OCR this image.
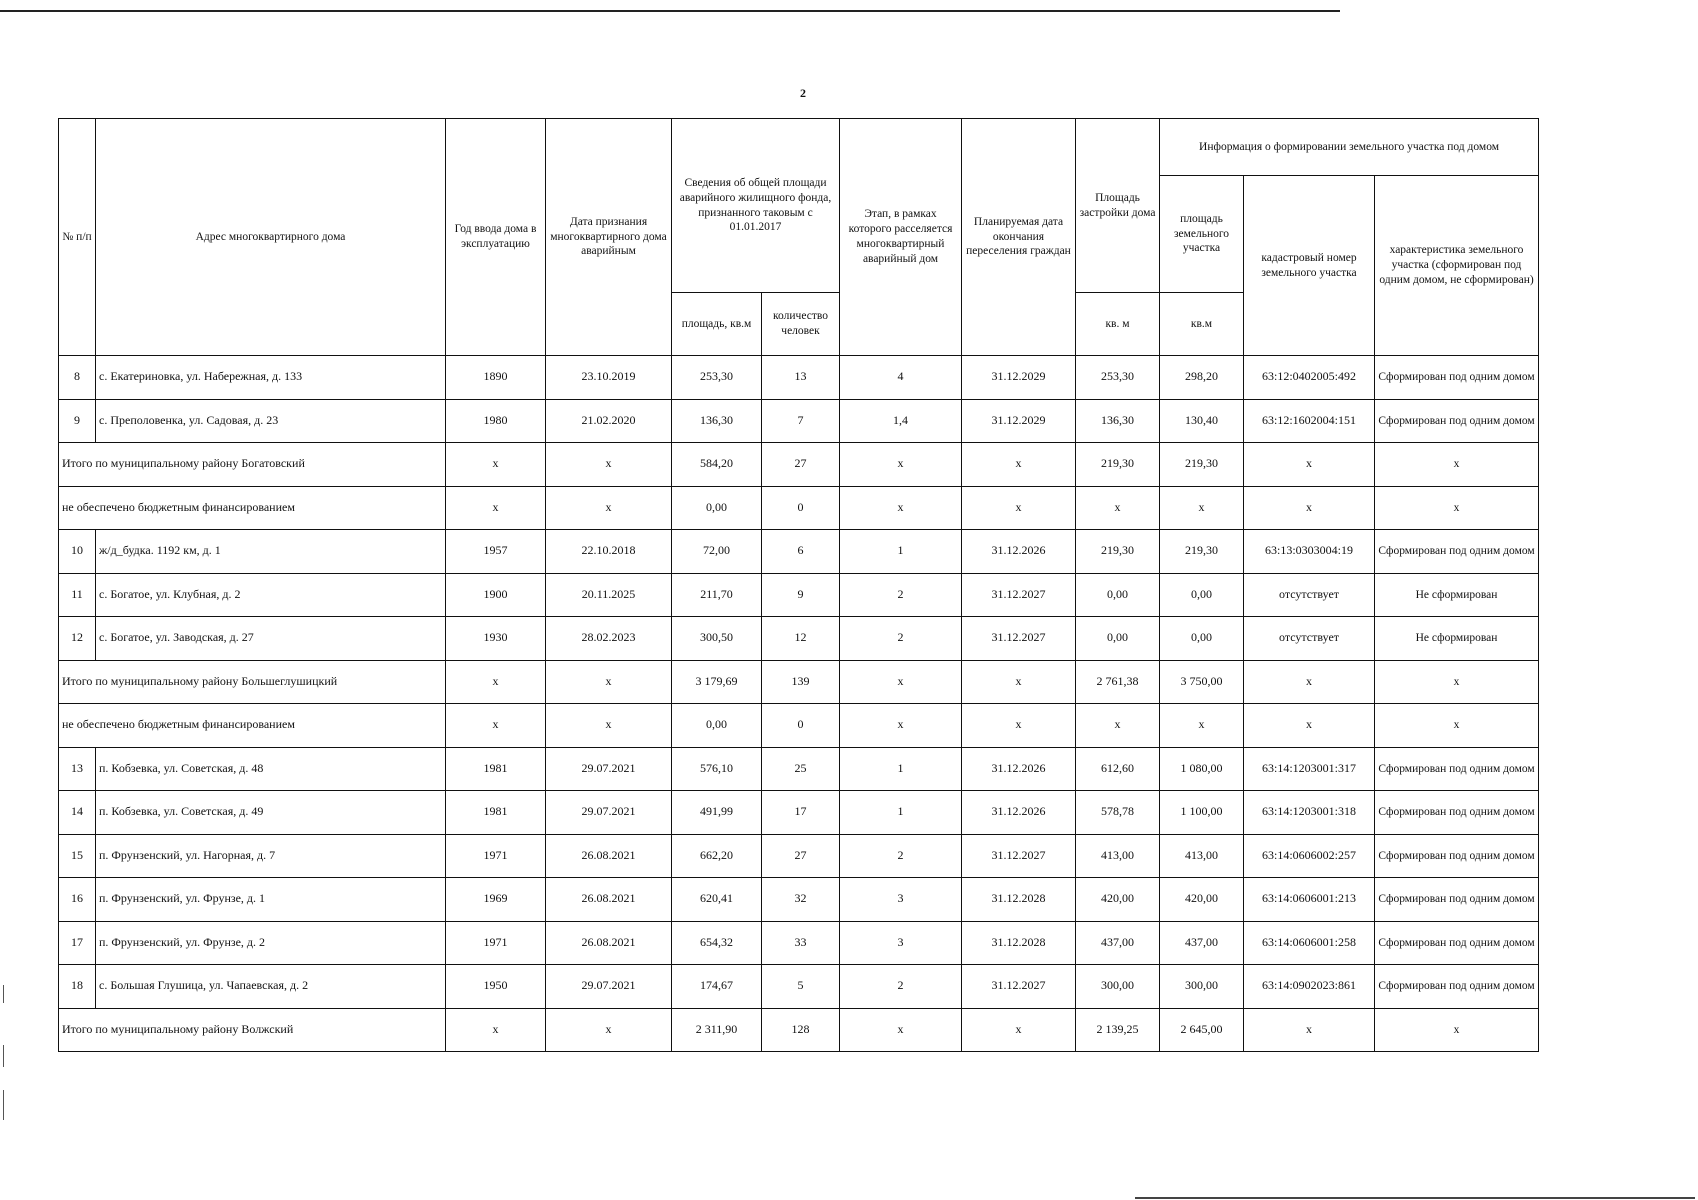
2
№ п/п	Адрес многоквартирного дома	Год ввода дома в эксплуатацию	Дата признания многоквартирного дома аварийным	Сведения об общей площади аварийного жилищного фонда, признанного таковым с 01.01.2017		Этап, в рамках которого расселяется многоквартирный аварийный дом	Планируемая дата окончания переселения граждан	Площадь застройки дома	Информация о формировании земельного участка под домом		
									площадь земельного участка	кадастровый номер земельного участка	характеристика земельного участка (сформирован под одним домом, не сформирован)
				площадь, кв.м	количество человек			кв. м	кв.м		
8	с. Екатериновка, ул. Набережная, д. 133	1890	23.10.2019	253,30	13	4	31.12.2029	253,30	298,20	63:12:0402005:492	Сформирован под одним домом
9	с. Преполовенка, ул. Садовая, д. 23	1980	21.02.2020	136,30	7	1,4	31.12.2029	136,30	130,40	63:12:1602004:151	Сформирован под одним домом
Итого по муниципальному району Богатовский		х	х	584,20	27	х	х	219,30	219,30	х	х
не обеспечено бюджетным финансированием		х	х	0,00	0	х	х	х	х	х	х
10	ж/д_будка. 1192 км, д. 1	1957	22.10.2018	72,00	6	1	31.12.2026	219,30	219,30	63:13:0303004:19	Сформирован под одним домом
11	с. Богатое, ул. Клубная, д. 2	1900	20.11.2025	211,70	9	2	31.12.2027	0,00	0,00	отсутствует	Не сформирован
12	с. Богатое, ул. Заводская, д. 27	1930	28.02.2023	300,50	12	2	31.12.2027	0,00	0,00	отсутствует	Не сформирован
Итого по муниципальному району Большеглушицкий		х	х	3 179,69	139	х	х	2 761,38	3 750,00	х	х
не обеспечено бюджетным финансированием		х	х	0,00	0	х	х	х	х	х	х
13	п. Кобзевка, ул. Советская, д. 48	1981	29.07.2021	576,10	25	1	31.12.2026	612,60	1 080,00	63:14:1203001:317	Сформирован под одним домом
14	п. Кобзевка, ул. Советская, д. 49	1981	29.07.2021	491,99	17	1	31.12.2026	578,78	1 100,00	63:14:1203001:318	Сформирован под одним домом
15	п. Фрунзенский, ул. Нагорная, д. 7	1971	26.08.2021	662,20	27	2	31.12.2027	413,00	413,00	63:14:0606002:257	Сформирован под одним домом
16	п. Фрунзенский, ул. Фрунзе, д. 1	1969	26.08.2021	620,41	32	3	31.12.2028	420,00	420,00	63:14:0606001:213	Сформирован под одним домом
17	п. Фрунзенский, ул. Фрунзе, д. 2	1971	26.08.2021	654,32	33	3	31.12.2028	437,00	437,00	63:14:0606001:258	Сформирован под одним домом
18	с. Большая Глушица, ул. Чапаевская, д. 2	1950	29.07.2021	174,67	5	2	31.12.2027	300,00	300,00	63:14:0902023:861	Сформирован под одним домом
Итого по муниципальному району Волжский		х	х	2 311,90	128	х	х	2 139,25	2 645,00	х	х
